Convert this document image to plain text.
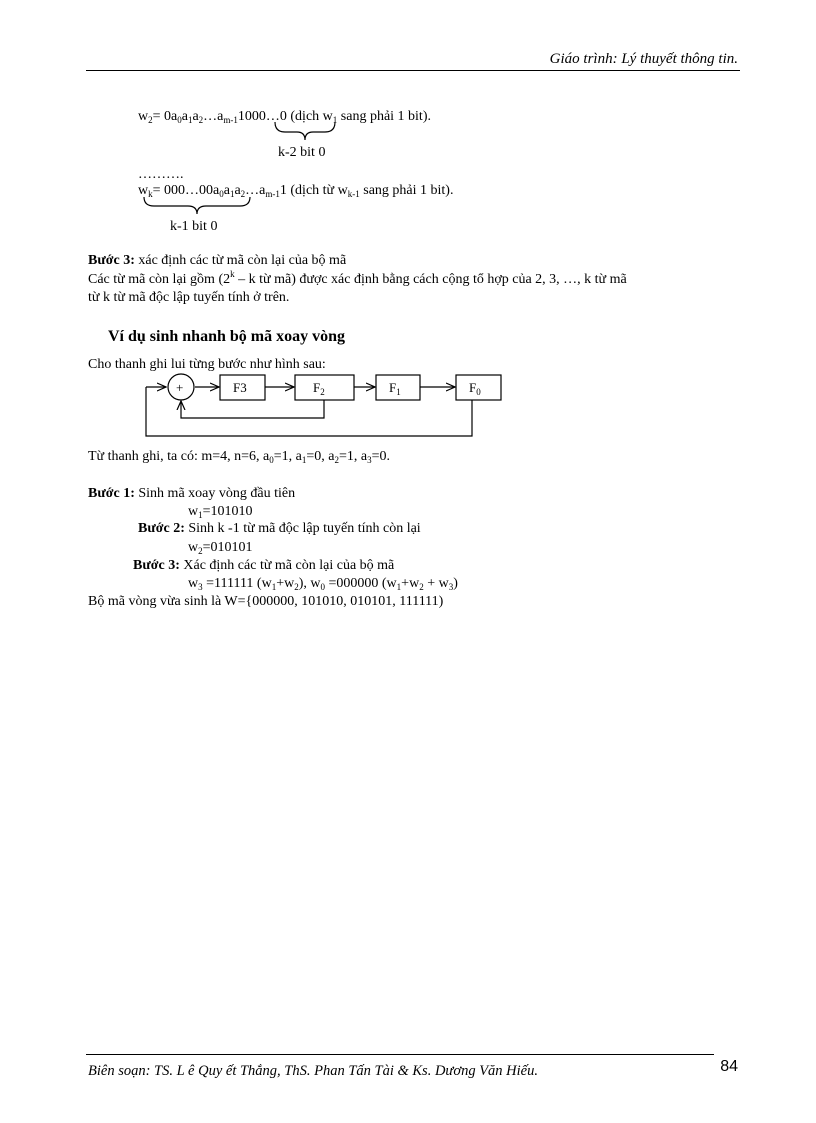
Giáo trình: Lý thuyết thông tin.
$w_2=$ $0a_0a_1a_2\dots a_{m-1}1000\dots 0$ (dịch $w_1$ sang phải 1 bit).
k-2 bit 0
……….
$w_k=$ $000\dots 00a_0a_1a_2\dots a_{m-1}1$ (dịch từ $w_{k-1}$ sang phải 1 bit).
k-1 bit 0
Bước 3: xác định các từ mã còn lại của bộ mã
Các từ mã còn lại gồm (2$^k$ – k từ mã) được xác định bằng cách cộng tổ hợp của 2, 3, …, k từ mã
từ k từ mã độc lập tuyến tính ở trên.
Ví dụ sinh nhanh bộ mã xoay vòng
Cho thanh ghi lui từng bước như hình sau:
+	F3	$F_2$	$F_1$	$F_0$
Từ thanh ghi, ta có: m=4, n=6, $a_0=1$, $a_1=0$, $a_2=1$, $a_3=0$.
Bước 1: Sinh mã xoay vòng đầu tiên
$w_1=101010$
Bước 2: Sinh k -1 từ mã độc lập tuyến tính còn lại
$w_2=010101$
Bước 3: Xác định các từ mã còn lại của bộ mã
$w_3 =111111$ $(w_1+w_2)$, $w_0 =000000$ $(w_1+w_2 + w_3)$
Bộ mã vòng vừa sinh là W={000000, 101010, 010101, 111111)
Biên soạn: TS. L ê Quy ết Thắng, ThS. Phan Tấn Tài & Ks. Dương Văn Hiếu.	84
